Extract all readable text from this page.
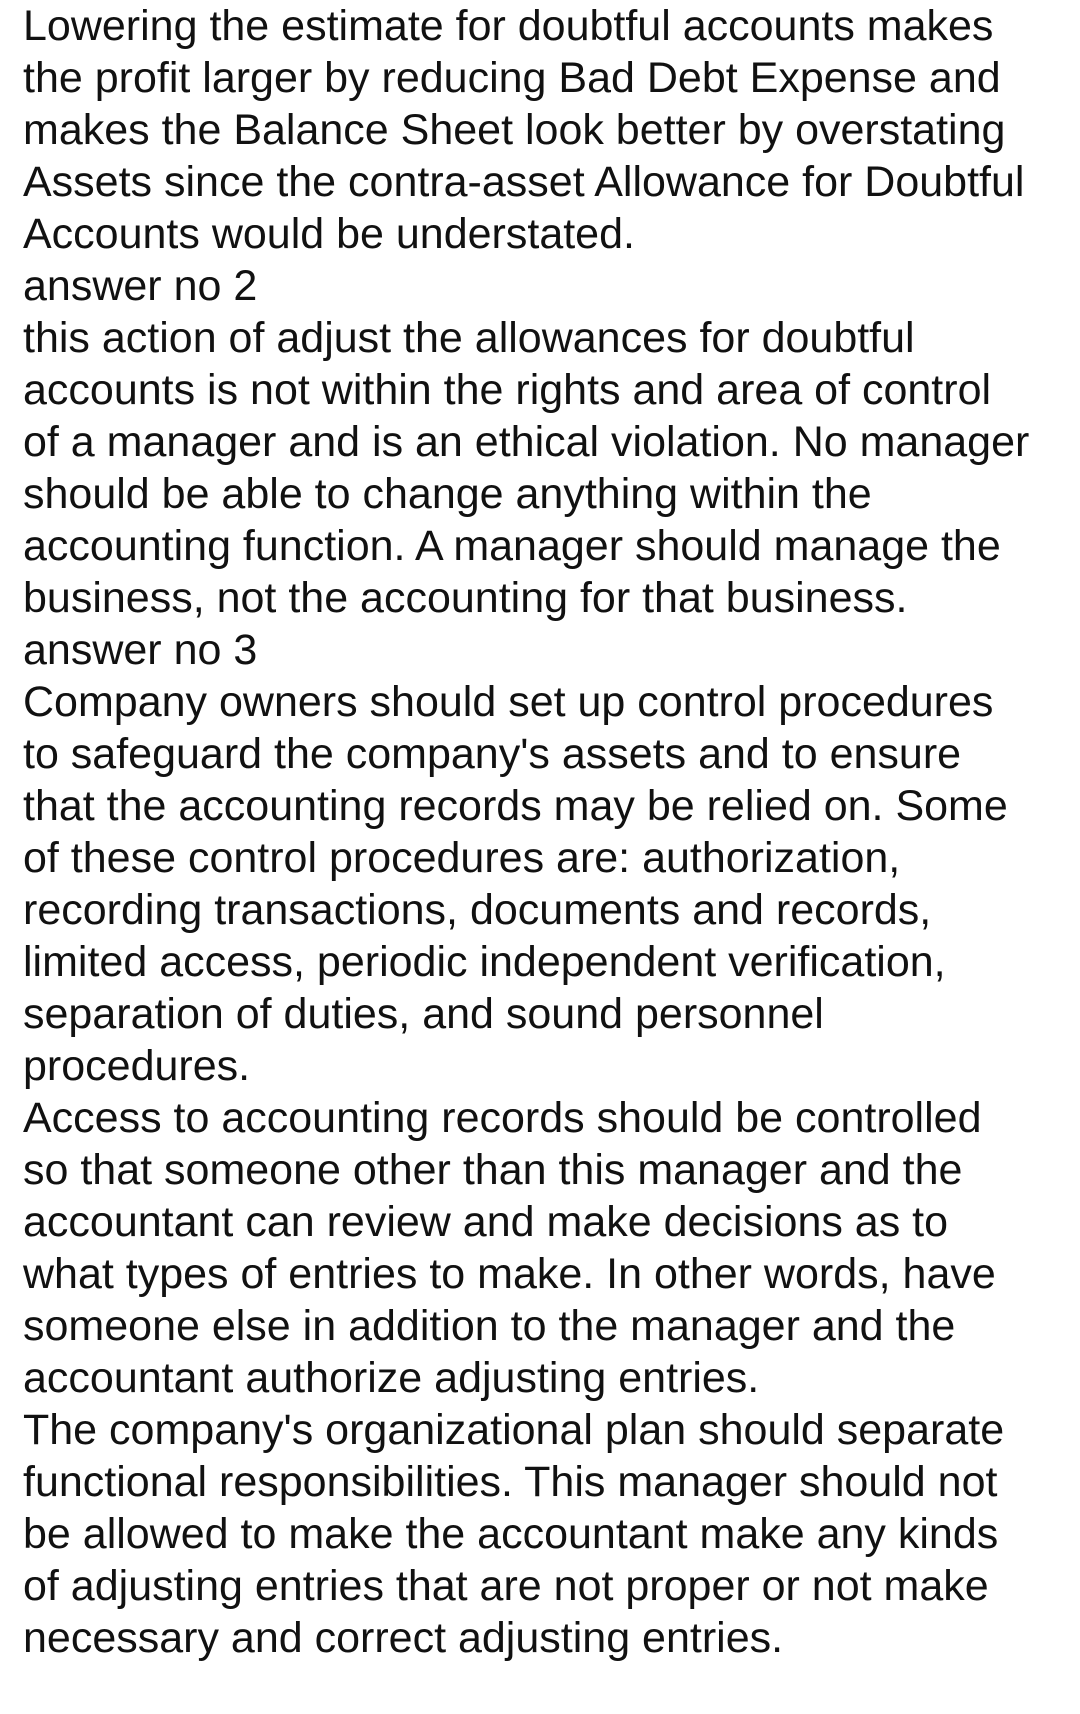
Lowering the estimate for doubtful accounts makes
the profit larger by reducing Bad Debt Expense and
makes the Balance Sheet look better by overstating
Assets since the contra-asset Allowance for Doubtful
Accounts would be understated.
answer no 2
this action of adjust the allowances for doubtful
accounts is not within the rights and area of control
of a manager and is an ethical violation. No manager
should be able to change anything within the
accounting function. A manager should manage the
business, not the accounting for that business.
answer no 3
Company owners should set up control procedures
to safeguard the company's assets and to ensure
that the accounting records may be relied on. Some
of these control procedures are: authorization,
recording transactions, documents and records,
limited access, periodic independent verification,
separation of duties, and sound personnel
procedures.
Access to accounting records should be controlled
so that someone other than this manager and the
accountant can review and make decisions as to
what types of entries to make. In other words, have
someone else in addition to the manager and the
accountant authorize adjusting entries.
The company's organizational plan should separate
functional responsibilities. This manager should not
be allowed to make the accountant make any kinds
of adjusting entries that are not proper or not make
necessary and correct adjusting entries.
